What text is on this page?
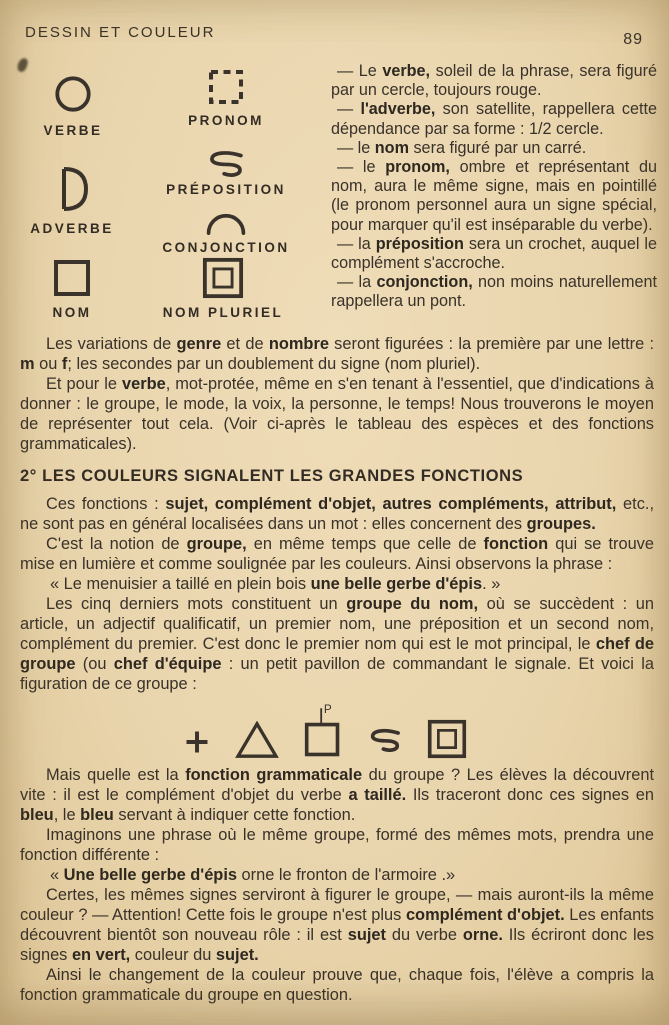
DESSIN ET COULEUR	89
VERBE
PRONOM
ADVERBE
PRÉPOSITION
CONJONCTION
NOM	NOM PLURIEL

— Le verbe, soleil de la phrase, sera figuré par un cercle, toujours rouge.

— l'adverbe, son satellite, rappellera cette dépendance par sa forme : 1/2 cercle.

— le nom sera figuré par un carré.

— le pronom, ombre et représentant du nom, aura le même signe, mais en pointillé (le pronom personnel aura un signe spécial, pour marquer qu'il est inséparable du verbe).

— la préposition sera un crochet, auquel le complément s'accroche.

— la conjonction, non moins naturellement rappellera un pont.

Les variations de genre et de nombre seront figurées : la première par une lettre : m ou f; les secondes par un doublement du signe (nom pluriel).

Et pour le verbe, mot-protée, même en s'en tenant à l'essentiel, que d'indications à donner : le groupe, le mode, la voix, la personne, le temps! Nous trouverons le moyen de représenter tout cela. (Voir ci-après le tableau des espèces et des fonctions grammaticales).

2° LES COULEURS SIGNALENT LES GRANDES FONCTIONS

Ces fonctions : sujet, complément d'objet, autres compléments, attribut, etc., ne sont pas en général localisées dans un mot : elles concernent des groupes.

C'est la notion de groupe, en même temps que celle de fonction qui se trouve mise en lumière et comme soulignée par les couleurs. Ainsi observons la phrase :

« Le menuisier a taillé en plein bois une belle gerbe d'épis. »

Les cinq derniers mots constituent un groupe du nom, où se succèdent : un article, un adjectif qualificatif, un premier nom, une préposition et un second nom, complément du premier. C'est donc le premier nom qui est le mot principal, le chef de groupe (ou chef d'équipe : un petit pavillon de commandant le signale. Et voici la figuration de ce groupe :

P

Mais quelle est la fonction grammaticale du groupe ? Les élèves la découvrent vite : il est le complément d'objet du verbe a taillé. Ils traceront donc ces signes en bleu, le bleu servant à indiquer cette fonction.

Imaginons une phrase où le même groupe, formé des mêmes mots, prendra une fonction différente :

« Une belle gerbe d'épis orne le fronton de l'armoire .»

Certes, les mêmes signes serviront à figurer le groupe, — mais auront-ils la même couleur ? — Attention! Cette fois le groupe n'est plus complément d'objet. Les enfants découvrent bientôt son nouveau rôle : il est sujet du verbe orne. Ils écriront donc les signes en vert, couleur du sujet.

Ainsi le changement de la couleur prouve que, chaque fois, l'élève a compris la fonction grammaticale du groupe en question.
